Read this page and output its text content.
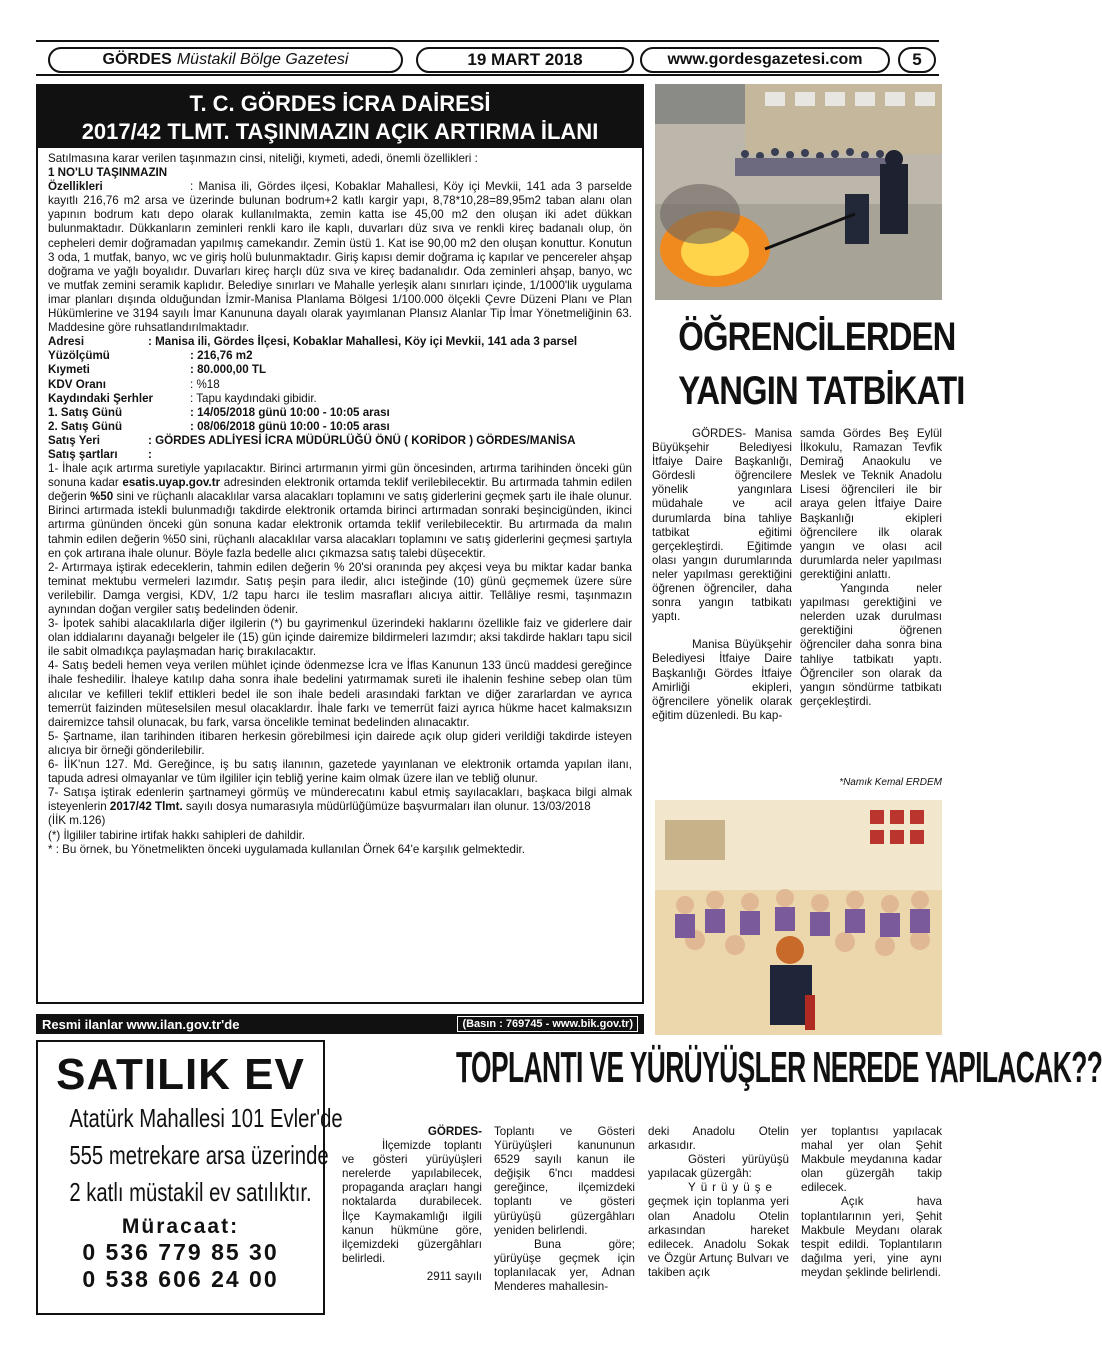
GÖRDES Müstakil Bölge Gazetesi	19 MART 2018	www.gordesgazetesi.com	5
T. C. GÖRDES İCRA DAİRESİ
2017/42 TLMT. TAŞINMAZIN AÇIK ARTIRMA İLANI

Satılmasına karar verilen taşınmazın cinsi, niteliği, kıymeti, adedi, önemli özellikleri :

1 NO'LU TAŞINMAZIN

Özellikleri	: Manisa ili, Gördes ilçesi, Kobaklar Mahallesi, Köy içi Mevkii, 141 ada 3 parselde kayıtlı 216,76 m2 arsa ve üzerinde bulunan bodrum+2 katlı kargir yapı, 8,78*10,28=89,95m2 taban alanı olan yapının bodrum katı depo olarak kullanılmakta, zemin katta ise 45,00 m2 den oluşan iki adet dükkan bulunmaktadır. Dükkanların zeminleri renkli karo ile kaplı, duvarları düz sıva ve renkli kireç badanalı olup, ön cepheleri demir doğramadan yapılmış camekandır. Zemin üstü 1. Kat ise 90,00 m2 den oluşan konuttur. Konutun 3 oda, 1 mutfak, banyo, wc ve giriş holü bulunmaktadır. Giriş kapısı demir doğrama iç kapılar ve pencereler ahşap doğrama ve yağlı boyalıdır. Duvarları kireç harçlı düz sıva ve kireç badanalıdır. Oda zeminleri ahşap, banyo, wc ve mutfak zemini seramik kaplıdır. Belediye sınırları ve Mahalle yerleşik alanı sınırları içinde, 1/1000'lik uygulama imar planları dışında olduğundan İzmir-Manisa Planlama Bölgesi 1/100.000 ölçekli Çevre Düzeni Planı ve Plan Hükümlerine ve 3194 sayılı İmar Kanununa dayalı olarak yayımlanan Plansız Alanlar Tip İmar Yönetmeliğinin 63. Maddesine göre ruhsatlandırılmaktadır.

Adresi	: Manisa ili, Gördes İlçesi, Kobaklar Mahallesi, Köy içi Mevkii, 141 ada 3 parsel
Yüzölçümü	: 216,76 m2
Kıymeti	: 80.000,00 TL
KDV Oranı	: %18
Kaydındaki Şerhler	: Tapu kaydındaki gibidir.
1. Satış Günü	: 14/05/2018 günü 10:00 - 10:05 arası
2. Satış Günü	: 08/06/2018 günü 10:00 - 10:05 arası
Satış Yeri	: GÖRDES ADLİYESİ İCRA MÜDÜRLÜĞÜ ÖNÜ ( KORİDOR ) GÖRDES/MANİSA
Satış şartları	:

1- İhale açık artırma suretiyle yapılacaktır. Birinci artırmanın yirmi gün öncesinden, artırma tarihinden önceki gün sonuna kadar esatis.uyap.gov.tr adresinden elektronik ortamda teklif verilebilecektir. Bu artırmada tahmin edilen değerin %50 sini ve rüçhanlı alacaklılar varsa alacakları toplamını ve satış giderlerini geçmek şartı ile ihale olunur. Birinci artırmada istekli bulunmadığı takdirde elektronik ortamda birinci artırmadan sonraki beşincigünden, ikinci artırma gününden önceki gün sonuna kadar elektronik ortamda teklif verilebilecektir. Bu artırmada da malın tahmin edilen değerin %50 sini, rüçhanlı alacaklılar varsa alacakları toplamını ve satış giderlerini geçmesi şartıyla en çok artırana ihale olunur. Böyle fazla bedelle alıcı çıkmazsa satış talebi düşecektir.

2- Artırmaya iştirak edeceklerin, tahmin edilen değerin % 20'si oranında pey akçesi veya bu miktar kadar banka teminat mektubu vermeleri lazımdır. Satış peşin para iledir, alıcı isteğinde (10) günü geçmemek üzere süre verilebilir. Damga vergisi, KDV, 1/2 tapu harcı ile teslim masrafları alıcıya aittir. Tellâliye resmi, taşınmazın aynından doğan vergiler satış bedelinden ödenir.

3- İpotek sahibi alacaklılarla diğer ilgilerin (*) bu gayrimenkul üzerindeki haklarını özellikle faiz ve giderlere dair olan iddialarını dayanağı belgeler ile (15) gün içinde dairemize bildirmeleri lazımdır; aksi takdirde hakları tapu sicil ile sabit olmadıkça paylaşmadan hariç bırakılacaktır.

4- Satış bedeli hemen veya verilen mühlet içinde ödenmezse İcra ve İflas Kanunun 133 üncü maddesi gereğince ihale feshedilir. İhaleye katılıp daha sonra ihale bedelini yatırmamak sureti ile ihalenin feshine sebep olan tüm alıcılar ve kefilleri teklif ettikleri bedel ile son ihale bedeli arasındaki farktan ve diğer zararlardan ve ayrıca temerrüt faizinden müteselsilen mesul olacaklardır. İhale farkı ve temerrüt faizi ayrıca hükme hacet kalmaksızın dairemizce tahsil olunacak, bu fark, varsa öncelikle teminat bedelinden alınacaktır.

5- Şartname, ilan tarihinden itibaren herkesin görebilmesi için dairede açık olup gideri verildiği takdirde isteyen alıcıya bir örneği gönderilebilir.

6- İİK'nun 127. Md. Gereğince, iş bu satış ilanının, gazetede yayınlanan ve elektronik ortamda yapılan ilanı, tapuda adresi olmayanlar ve tüm ilgililer için tebliğ yerine kaim olmak üzere ilan ve tebliğ olunur.

7- Satışa iştirak edenlerin şartnameyi görmüş ve münderecatını kabul etmiş sayılacakları, başkaca bilgi almak isteyenlerin 2017/42 Tlmt. sayılı dosya numarasıyla müdürlüğümüze başvurmaları ilan olunur. 13/03/2018

(İİK m.126)

(*) İlgililer tabirine irtifak hakkı sahipleri de dahildir.

* : Bu örnek, bu Yönetmelikten önceki uygulamada kullanılan Örnek 64'e karşılık gelmektedir.

Resmi ilanlar www.ilan.gov.tr'de	(Basın : 769745 - www.bik.gov.tr)
ÖĞRENCİLERDEN
YANGIN TATBİKATI

GÖRDES- Manisa Büyükşehir Belediyesi İtfaiye Daire Başkanlığı, Gördesli öğrencilere yönelik yangınlara müdahale ve acil durumlarda bina tahliye tatbikat eğitimi gerçekleştirdi. Eğitimde olası yangın durumlarında neler yapılması gerektiğini öğrenen öğrenciler, daha sonra yangın tatbikatı yaptı.

Manisa Büyükşehir Belediyesi İtfaiye Daire Başkanlığı Gördes İtfaiye Amirliği ekipleri, öğrencilere yönelik olarak eğitim düzenledi. Bu kap-

samda Gördes Beş Eylül İlkokulu, Ramazan Tevfik Demirağ Anaokulu ve Meslek ve Teknik Anadolu Lisesi öğrencileri ile bir araya gelen İtfaiye Daire Başkanlığı ekipleri öğrencilere ilk olarak yangın ve olası acil durumlarda neler yapılması gerektiğini anlattı.

Yangında neler yapılması gerektiğini ve nelerden uzak durulması gerektiğini öğrenen öğrenciler daha sonra bina tahliye tatbikatı yaptı. Öğrenciler son olarak da yangın söndürme tatbikatı gerçekleştirdi.

*Namık Kemal ERDEM
SATILIK EV
Atatürk Mahallesi 101 Evler'de
555 metrekare arsa üzerinde
2 katlı müstakil ev satılıktır.
Müracaat:
0 536 779 85 30
0 538 606 24 00
TOPLANTI VE YÜRÜYÜŞLER NEREDE YAPILACAK??

GÖRDES-

İlçemizde toplantı ve gösteri yürüyüşleri nerelerde yapılabilecek, propaganda araçları hangi noktalarda durabilecek. İlçe Kaymakamlığı ilgili kanun hükmüne göre, ilçemizdeki güzergâhları belirledi.

2911 sayılı

Toplantı ve Gösteri Yürüyüşleri kanununun 6529 sayılı kanun ile değişik 6'ncı maddesi gereğince, ilçemizdeki toplantı ve gösteri yürüyüşü güzergâhları yeniden belirlendi.

Buna göre; yürüyüşe geçmek için toplanılacak yer, Adnan Menderes mahallesin-

deki Anadolu Otelin arkasıdır.

Gösteri yürüyüşü yapılacak güzergâh:

Yürüyüşe geçmek için toplanma yeri olan Anadolu Otelin arkasından hareket edilecek. Anadolu Sokak ve Özgür Artunç Bulvarı ve takiben açık

yer toplantısı yapılacak mahal yer olan Şehit Makbule meydanına kadar olan güzergâh takip edilecek.

Açık hava toplantılarının yeri, Şehit Makbule Meydanı olarak tespit edildi. Toplantıların dağılma yeri, yine aynı meydan şeklinde belirlendi.
